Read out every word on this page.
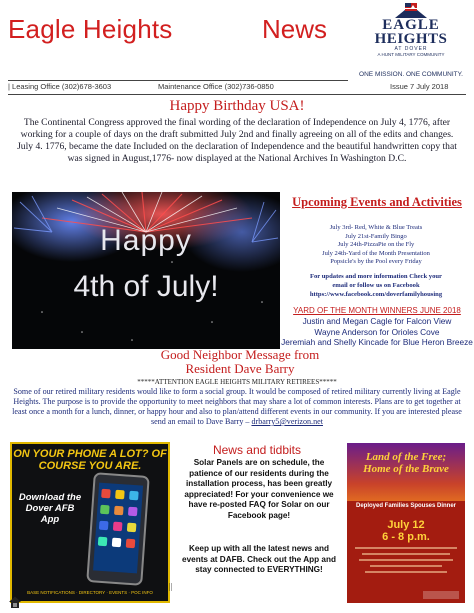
Eagle Heights	News	EAGLE
HEIGHTS
AT DOVER
A HUNT MILITARY COMMUNITY
ONE MISSION. ONE COMMUNITY.
| Leasing Office (302)678-3603	Maintenance Office (302)736-0850	Issue 7 July 2018
Happy Birthday USA!
The Continental Congress approved the final wording of the declaration of Independence on July 4, 1776, after working for a couple of days on the draft submitted July 2nd and finally agreeing on all of the edits and changes. July 4. 1776, became the date Included on the declaration of Independence and the beautiful handwritten copy that was signed in August,1776- now displayed at the National Archives In Washington D.C.
Happy
4th of July!
Upcoming Events and Activities
July 3rd- Red, White & Blue Treats
July 21st-Family Bingo
July 24th-PizzaPie on the Fly
July 24th-Yard of the Month Presentation
Popsicle's by the Pool every Friday
For updates and more information Check your
email or follow us on Facebook
https://www.facebook.com/doverfamilyhousing
YARD OF THE MONTH WINNERS JUNE 2018
Justin and Megan Cagle for Falcon View
Wayne Anderson for Orioles Cove
Jeremiah and Shelly Kincade for Blue Heron Breeze
Good Neighbor Message from
Resident Dave Barry
*****ATTENTION EAGLE HEIGHTS MILITARY RETIREES*****
Some of our retired military residents would like to form a social group. It would be composed of retired military currently living at Eagle Heights. The purpose is to provide the opportunity to meet neighbors that may share a lot of common interests. Plans are to get together at least once a month for a lunch, dinner, or happy hour and also to plan/attend different events in our community. If you are interested please send an email to Dave Barry – drbarry5@verizon.net
ON YOUR PHONE A LOT? OF COURSE YOU ARE.
Download the Dover AFB App
BASE NOTIFICATIONS · DIRECTORY · EVENTS · POC INFO
News and tidbits
Solar Panels are on schedule, the patience of our residents during the installation process, has been greatly appreciated! For your convenience we have re-posted FAQ for Solar on our Facebook page!
Keep up with all the latest news and events at DAFB. Check out the App and stay connected to EVERYTHING!
Land of the Free; Home of the Brave
Deployed Families Spouses Dinner
July 12
6 - 8 p.m.
||
